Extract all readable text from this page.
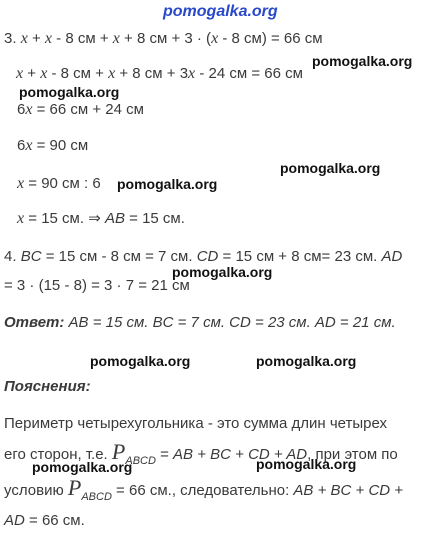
pomogalka.org
3. x + x - 8 см + x + 8 см + 3 · (x - 8 см) = 66 см
pomogalka.org
x + x - 8 см + x + 8 см + 3x - 24 см = 66 см
pomogalka.org
6x = 66 см + 24 см
6x = 90 см
pomogalka.org
x = 90 см : 6 pomogalka.org
x = 15 см. ⇒ AB = 15 см.
4. BC = 15 см - 8 см = 7 см. CD = 15 см + 8 см= 23 см. AD
pomogalka.org
= 3 · (15 - 8) = 3 · 7 = 21 см
Ответ: AB = 15 см. BC = 7 см. CD = 23 см. AD = 21 см.
pomogalka.org	pomogalka.org
Пояснения:
Периметр четырехугольника - это сумма длин четырех
его сторон, т.е. $P_{ABCD}$ = AB + BC + CD + AD, при этом по
pomogalka.org	pomogalka.org
условию $P_{ABCD} = 66$ см., следовательно: AB + BC + CD +
AD = 66 см.
